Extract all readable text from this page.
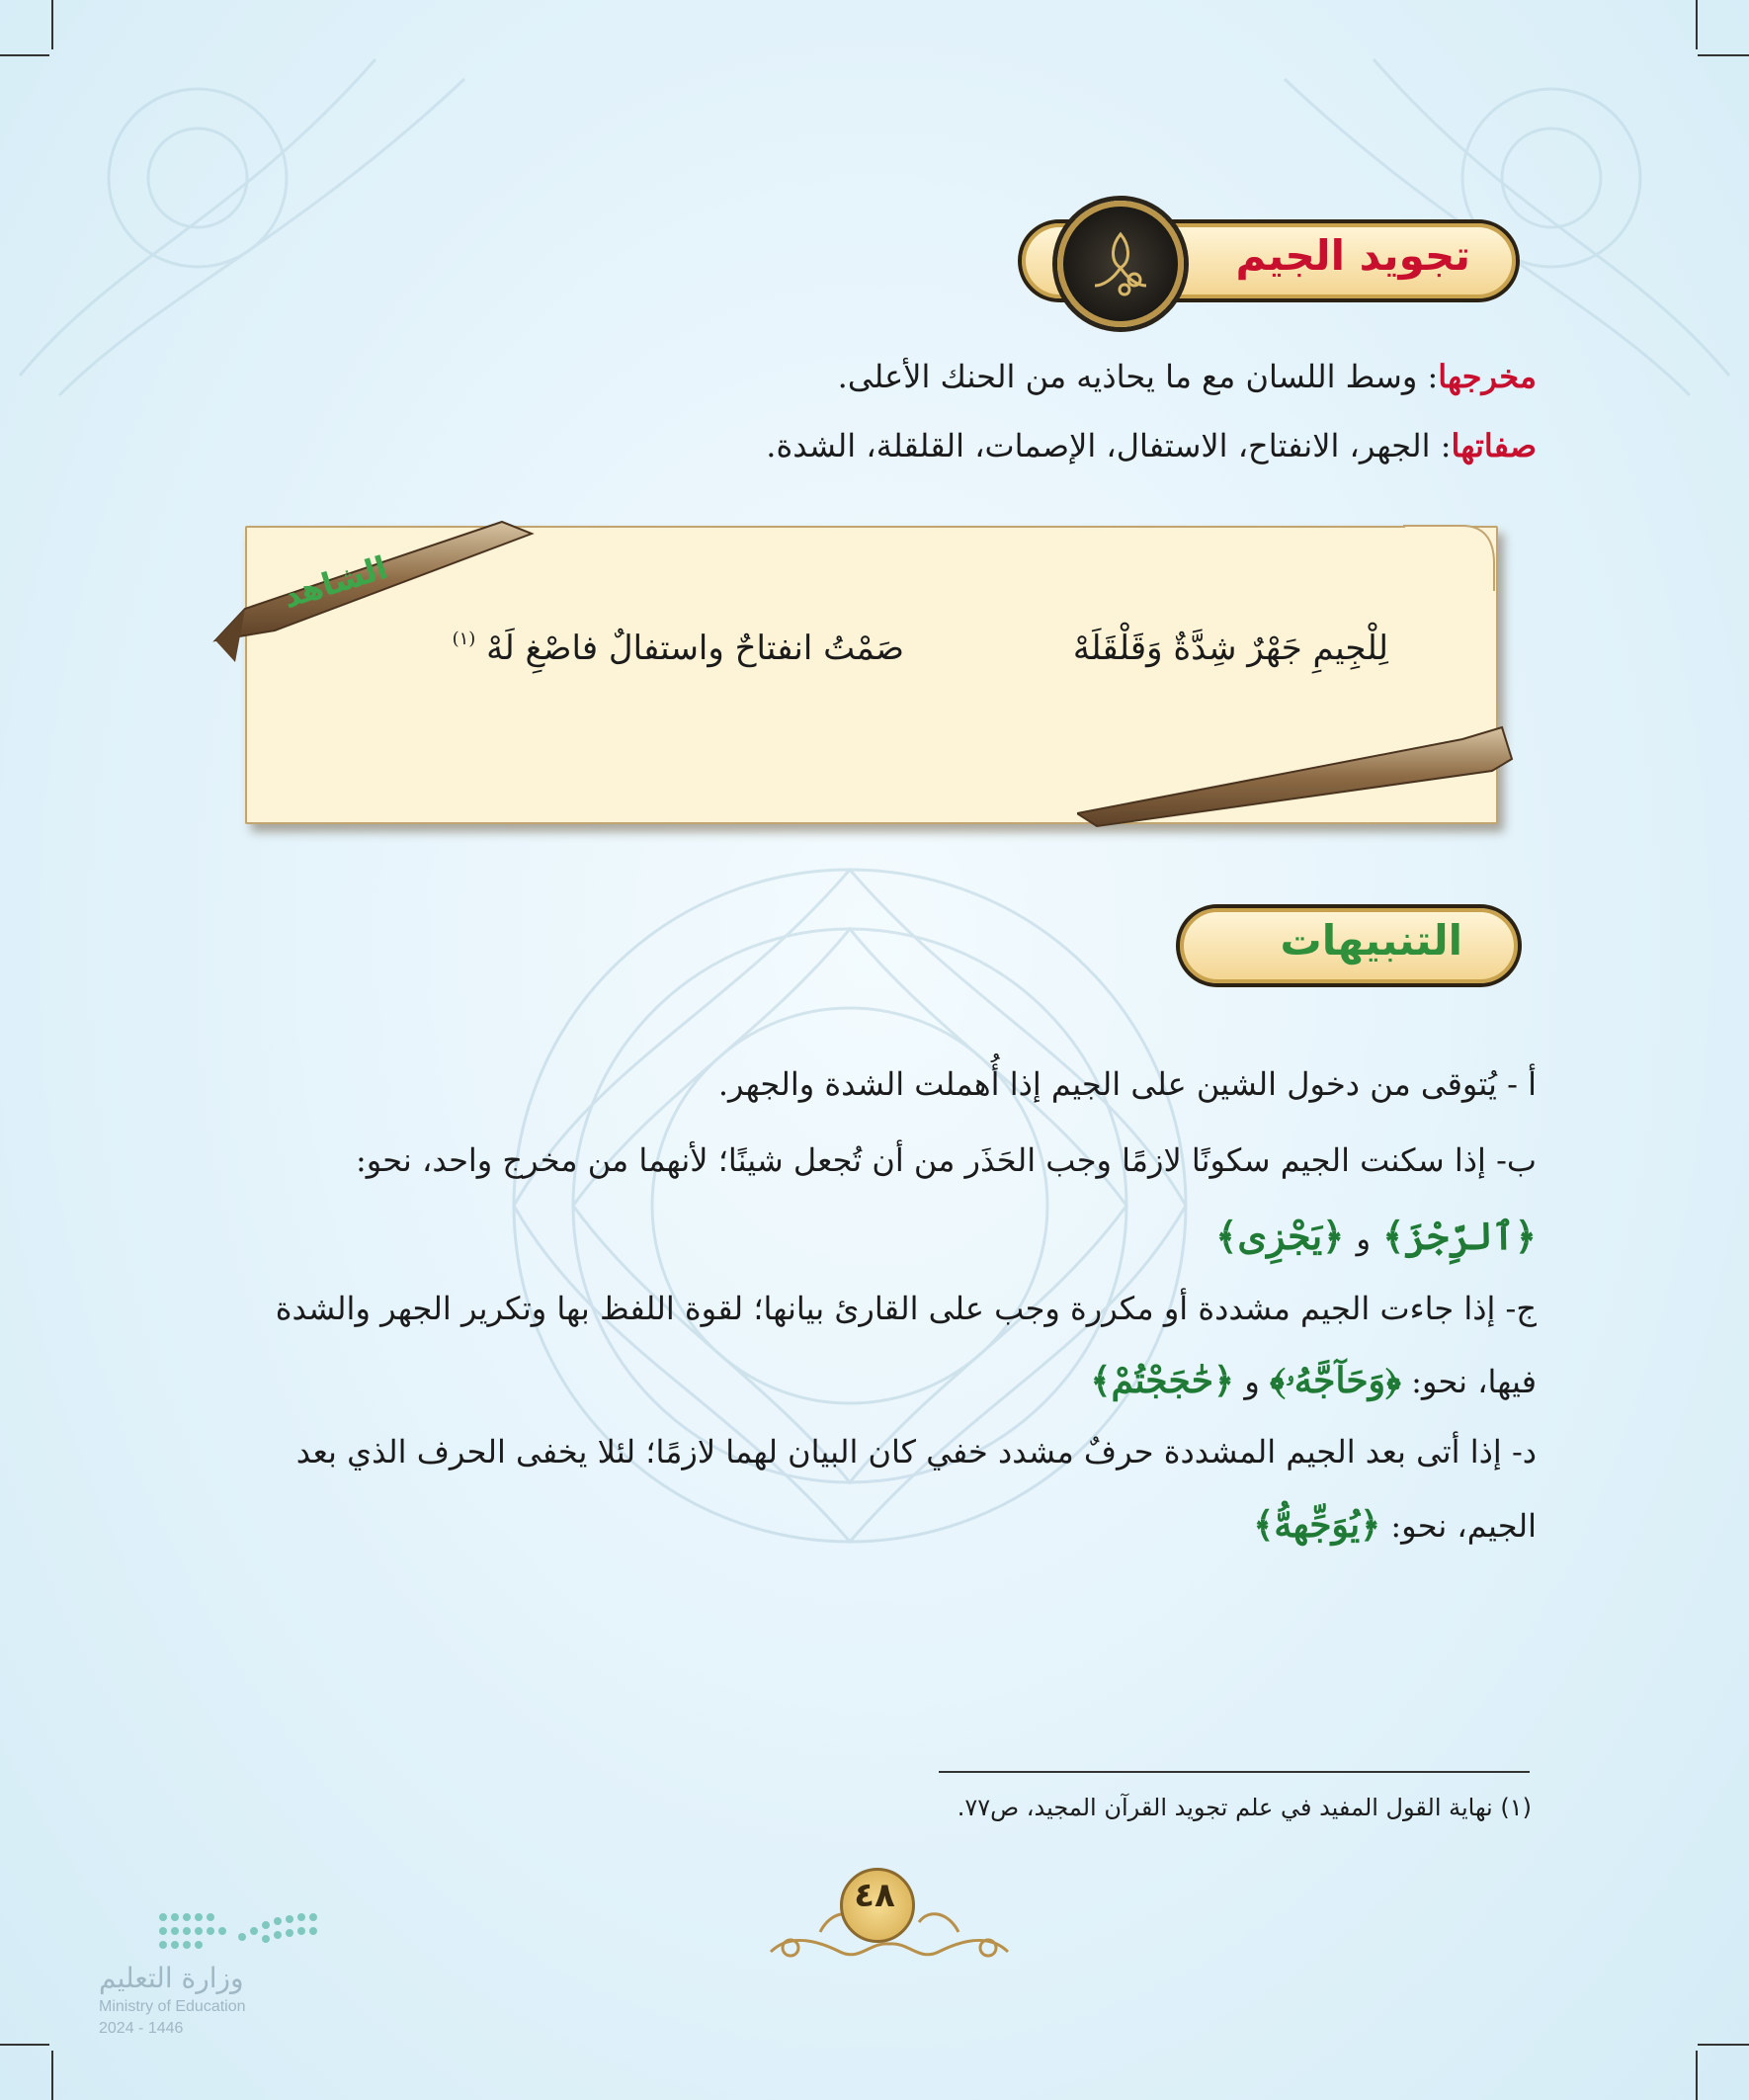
تجويد الجيم
مخرجها: وسط اللسان مع ما يحاذيه من الحنك الأعلى.
صفاتها: الجهر، الانفتاح، الاستفال، الإصمات، القلقلة، الشدة.
الشاهد
لِلْجِيمِ جَهْرٌ شِدَّةٌ وَقَلْقَلَهْ
صَمْتُ انفتاحٌ واستفالٌ فاصْغِ لَهْ $^{(١)}$
التنبيهات
أ - يُتوقى من دخول الشين على الجيم إذا أُهملت الشدة والجهر.
ب- إذا سكنت الجيم سكونًا لازمًا وجب الحَذَر من أن تُجعل شينًا؛ لأنهما من مخرج واحد، نحو:
﴿ٱلرِّجْزَ﴾ و ﴿يَجْزِى﴾
ج- إذا جاءت الجيم مشددة أو مكررة وجب على القارئ بيانها؛ لقوة اللفظ بها وتكرير الجهر والشدة
فيها، نحو: ﴿وَحَآجَّهُۥ﴾ و ﴿حَٰجَجْتُمْ﴾
د- إذا أتى بعد الجيم المشددة حرفٌ مشدد خفي كان البيان لهما لازمًا؛ لئلا يخفى الحرف الذي بعد
الجيم، نحو: ﴿يُوَجِّههُّ﴾
(١) نهاية القول المفيد في علم تجويد القرآن المجيد، ص٧٧.
٤٨
وزارة التعليم
Ministry of Education
2024 - 1446
